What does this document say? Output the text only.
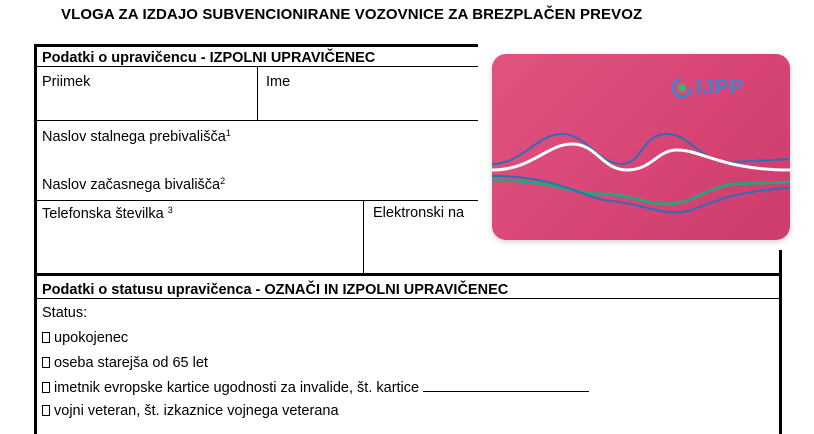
VLOGA ZA IZDAJO SUBVENCIONIRANE VOZOVNICE ZA BREZPLAČEN PREVOZ
Podatki o upravičencu - IZPOLNI UPRAVIČENEC
Priimek	Ime
Naslov stalnega prebivališča$^1$
Naslov začasnega bivališča$^2$
Telefonska številka $^3$	Elektronski na
Podatki o statusu upravičenca - OZNAČI IN IZPOLNI UPRAVIČENEC
Status:
upokojenec
oseba starejša od 65 let
imetnik evropske kartice ugodnosti za invalide, št. kartice
vojni veteran, št. izkaznice vojnega veterana
IJPP
